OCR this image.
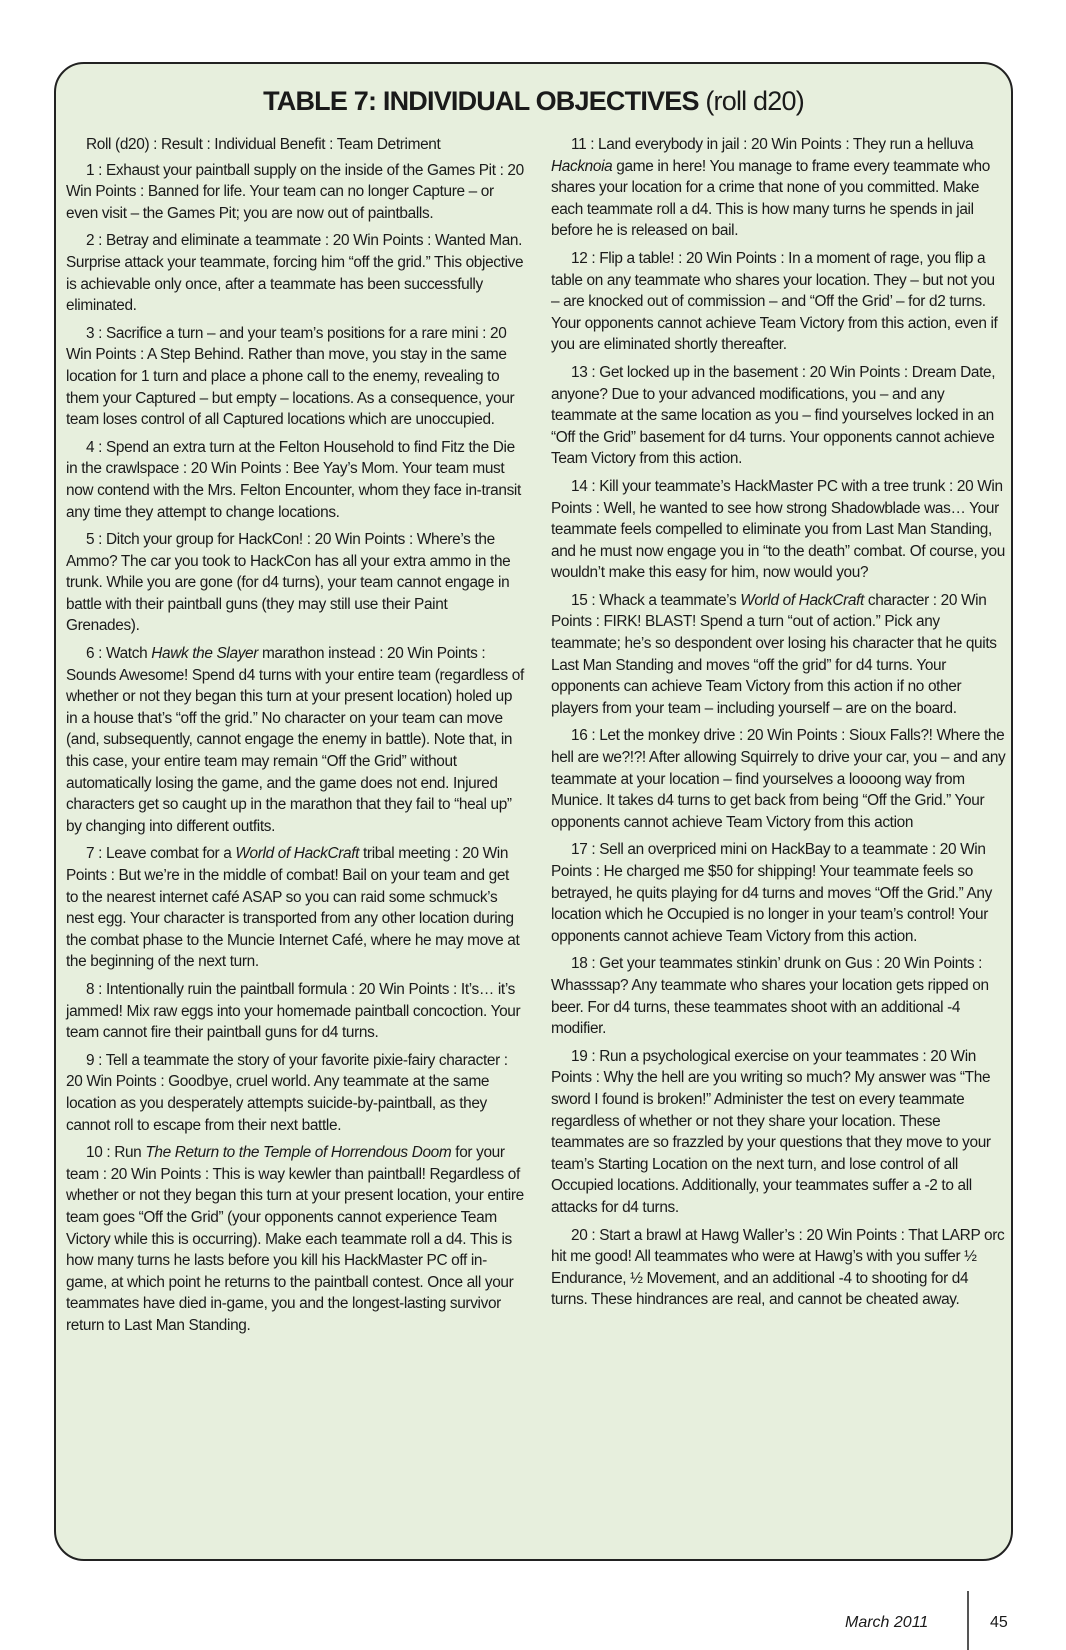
TABLE 7: INDIVIDUAL OBJECTIVES (roll d20)

Roll (d20) : Result : Individual Benefit : Team Detriment

1 : Exhaust your paintball supply on the inside of the Games Pit : 20 Win Points : Banned for life. Your team can no longer Capture – or even visit – the Games Pit; you are now out of paintballs.

2 : Betray and eliminate a teammate : 20 Win Points : Wanted Man. Surprise attack your teammate, forcing him “off the grid.” This objective is achievable only once, after a teammate has been successfully eliminated.

3 : Sacrifice a turn – and your team’s positions for a rare mini : 20 Win Points : A Step Behind. Rather than move, you stay in the same location for 1 turn and place a phone call to the enemy, revealing to them your Captured – but empty – locations. As a consequence, your team loses control of all Captured locations which are unoccupied.

4 : Spend an extra turn at the Felton Household to find Fitz the Die in the crawlspace : 20 Win Points : Bee Yay’s Mom. Your team must now contend with the Mrs. Felton Encounter, whom they face in-transit any time they attempt to change locations.

5 : Ditch your group for HackCon! : 20 Win Points : Where’s the Ammo? The car you took to HackCon has all your extra ammo in the trunk. While you are gone (for d4 turns), your team cannot engage in battle with their paintball guns (they may still use their Paint Grenades).

6 : Watch Hawk the Slayer marathon instead : 20 Win Points : Sounds Awesome! Spend d4 turns with your entire team (regardless of whether or not they began this turn at your present location) holed up in a house that’s “off the grid.” No character on your team can move (and, subsequently, cannot engage the enemy in battle). Note that, in this case, your entire team may remain “Off the Grid” without automatically losing the game, and the game does not end. Injured characters get so caught up in the marathon that they fail to “heal up” by changing into different outfits.

7 : Leave combat for a World of HackCraft tribal meeting : 20 Win Points : But we’re in the middle of combat! Bail on your team and get to the nearest internet café ASAP so you can raid some schmuck’s nest egg. Your character is transported from any other location during the combat phase to the Muncie Internet Café, where he may move at the beginning of the next turn.

8 : Intentionally ruin the paintball formula : 20 Win Points : It’s… it’s jammed! Mix raw eggs into your homemade paintball concoction. Your team cannot fire their paintball guns for d4 turns.

9 : Tell a teammate the story of your favorite pixie-fairy character : 20 Win Points : Goodbye, cruel world. Any teammate at the same location as you desperately attempts suicide-by-paintball, as they cannot roll to escape from their next battle.

10 : Run The Return to the Temple of Horrendous Doom for your team : 20 Win Points : This is way kewler than paintball! Regardless of whether or not they began this turn at your present location, your entire team goes “Off the Grid” (your opponents cannot experience Team Victory while this is occurring). Make each teammate roll a d4. This is how many turns he lasts before you kill his HackMaster PC off in-game, at which point he returns to the paintball contest. Once all your teammates have died in-game, you and the longest-lasting survivor return to Last Man Standing.

11 : Land everybody in jail : 20 Win Points : They run a helluva Hacknoia game in here! You manage to frame every teammate who shares your location for a crime that none of you committed. Make each teammate roll a d4. This is how many turns he spends in jail before he is released on bail.

12 : Flip a table! : 20 Win Points : In a moment of rage, you flip a table on any teammate who shares your location. They – but not you – are knocked out of commission – and “Off the Grid’ – for d2 turns. Your opponents cannot achieve Team Victory from this action, even if you are eliminated shortly thereafter.

13 : Get locked up in the basement : 20 Win Points : Dream Date, anyone? Due to your advanced modifications, you – and any teammate at the same location as you – find yourselves locked in an “Off the Grid” basement for d4 turns. Your opponents cannot achieve Team Victory from this action.

14 : Kill your teammate’s HackMaster PC with a tree trunk : 20 Win Points : Well, he wanted to see how strong Shadowblade was… Your teammate feels compelled to eliminate you from Last Man Standing, and he must now engage you in “to the death” combat. Of course, you wouldn’t make this easy for him, now would you?

15 : Whack a teammate’s World of HackCraft character : 20 Win Points : FIRK! BLAST! Spend a turn “out of action.” Pick any teammate; he’s so despondent over losing his character that he quits Last Man Standing and moves “off the grid” for d4 turns. Your opponents can achieve Team Victory from this action if no other players from your team – including yourself – are on the board.

16 : Let the monkey drive : 20 Win Points : Sioux Falls?! Where the hell are we?!?! After allowing Squirrely to drive your car, you – and any teammate at your location – find yourselves a loooong way from Munice. It takes d4 turns to get back from being “Off the Grid.” Your opponents cannot achieve Team Victory from this action

17 : Sell an overpriced mini on HackBay to a teammate : 20 Win Points : He charged me $50 for shipping! Your teammate feels so betrayed, he quits playing for d4 turns and moves “Off the Grid.” Any location which he Occupied is no longer in your team’s control! Your opponents cannot achieve Team Victory from this action.

18 : Get your teammates stinkin’ drunk on Gus : 20 Win Points : Whasssap? Any teammate who shares your location gets ripped on beer. For d4 turns, these teammates shoot with an additional -4 modifier.

19 : Run a psychological exercise on your teammates : 20 Win Points : Why the hell are you writing so much? My answer was “The sword I found is broken!” Administer the test on every teammate regardless of whether or not they share your location. These teammates are so frazzled by your questions that they move to your team’s Starting Location on the next turn, and lose control of all Occupied locations. Additionally, your teammates suffer a -2 to all attacks for d4 turns.

20 : Start a brawl at Hawg Waller’s : 20 Win Points : That LARP orc hit me good! All teammates who were at Hawg’s with you suffer ½ Endurance, ½ Movement, and an additional -4 to shooting for d4 turns. These hindrances are real, and cannot be cheated away.

March 2011	45
